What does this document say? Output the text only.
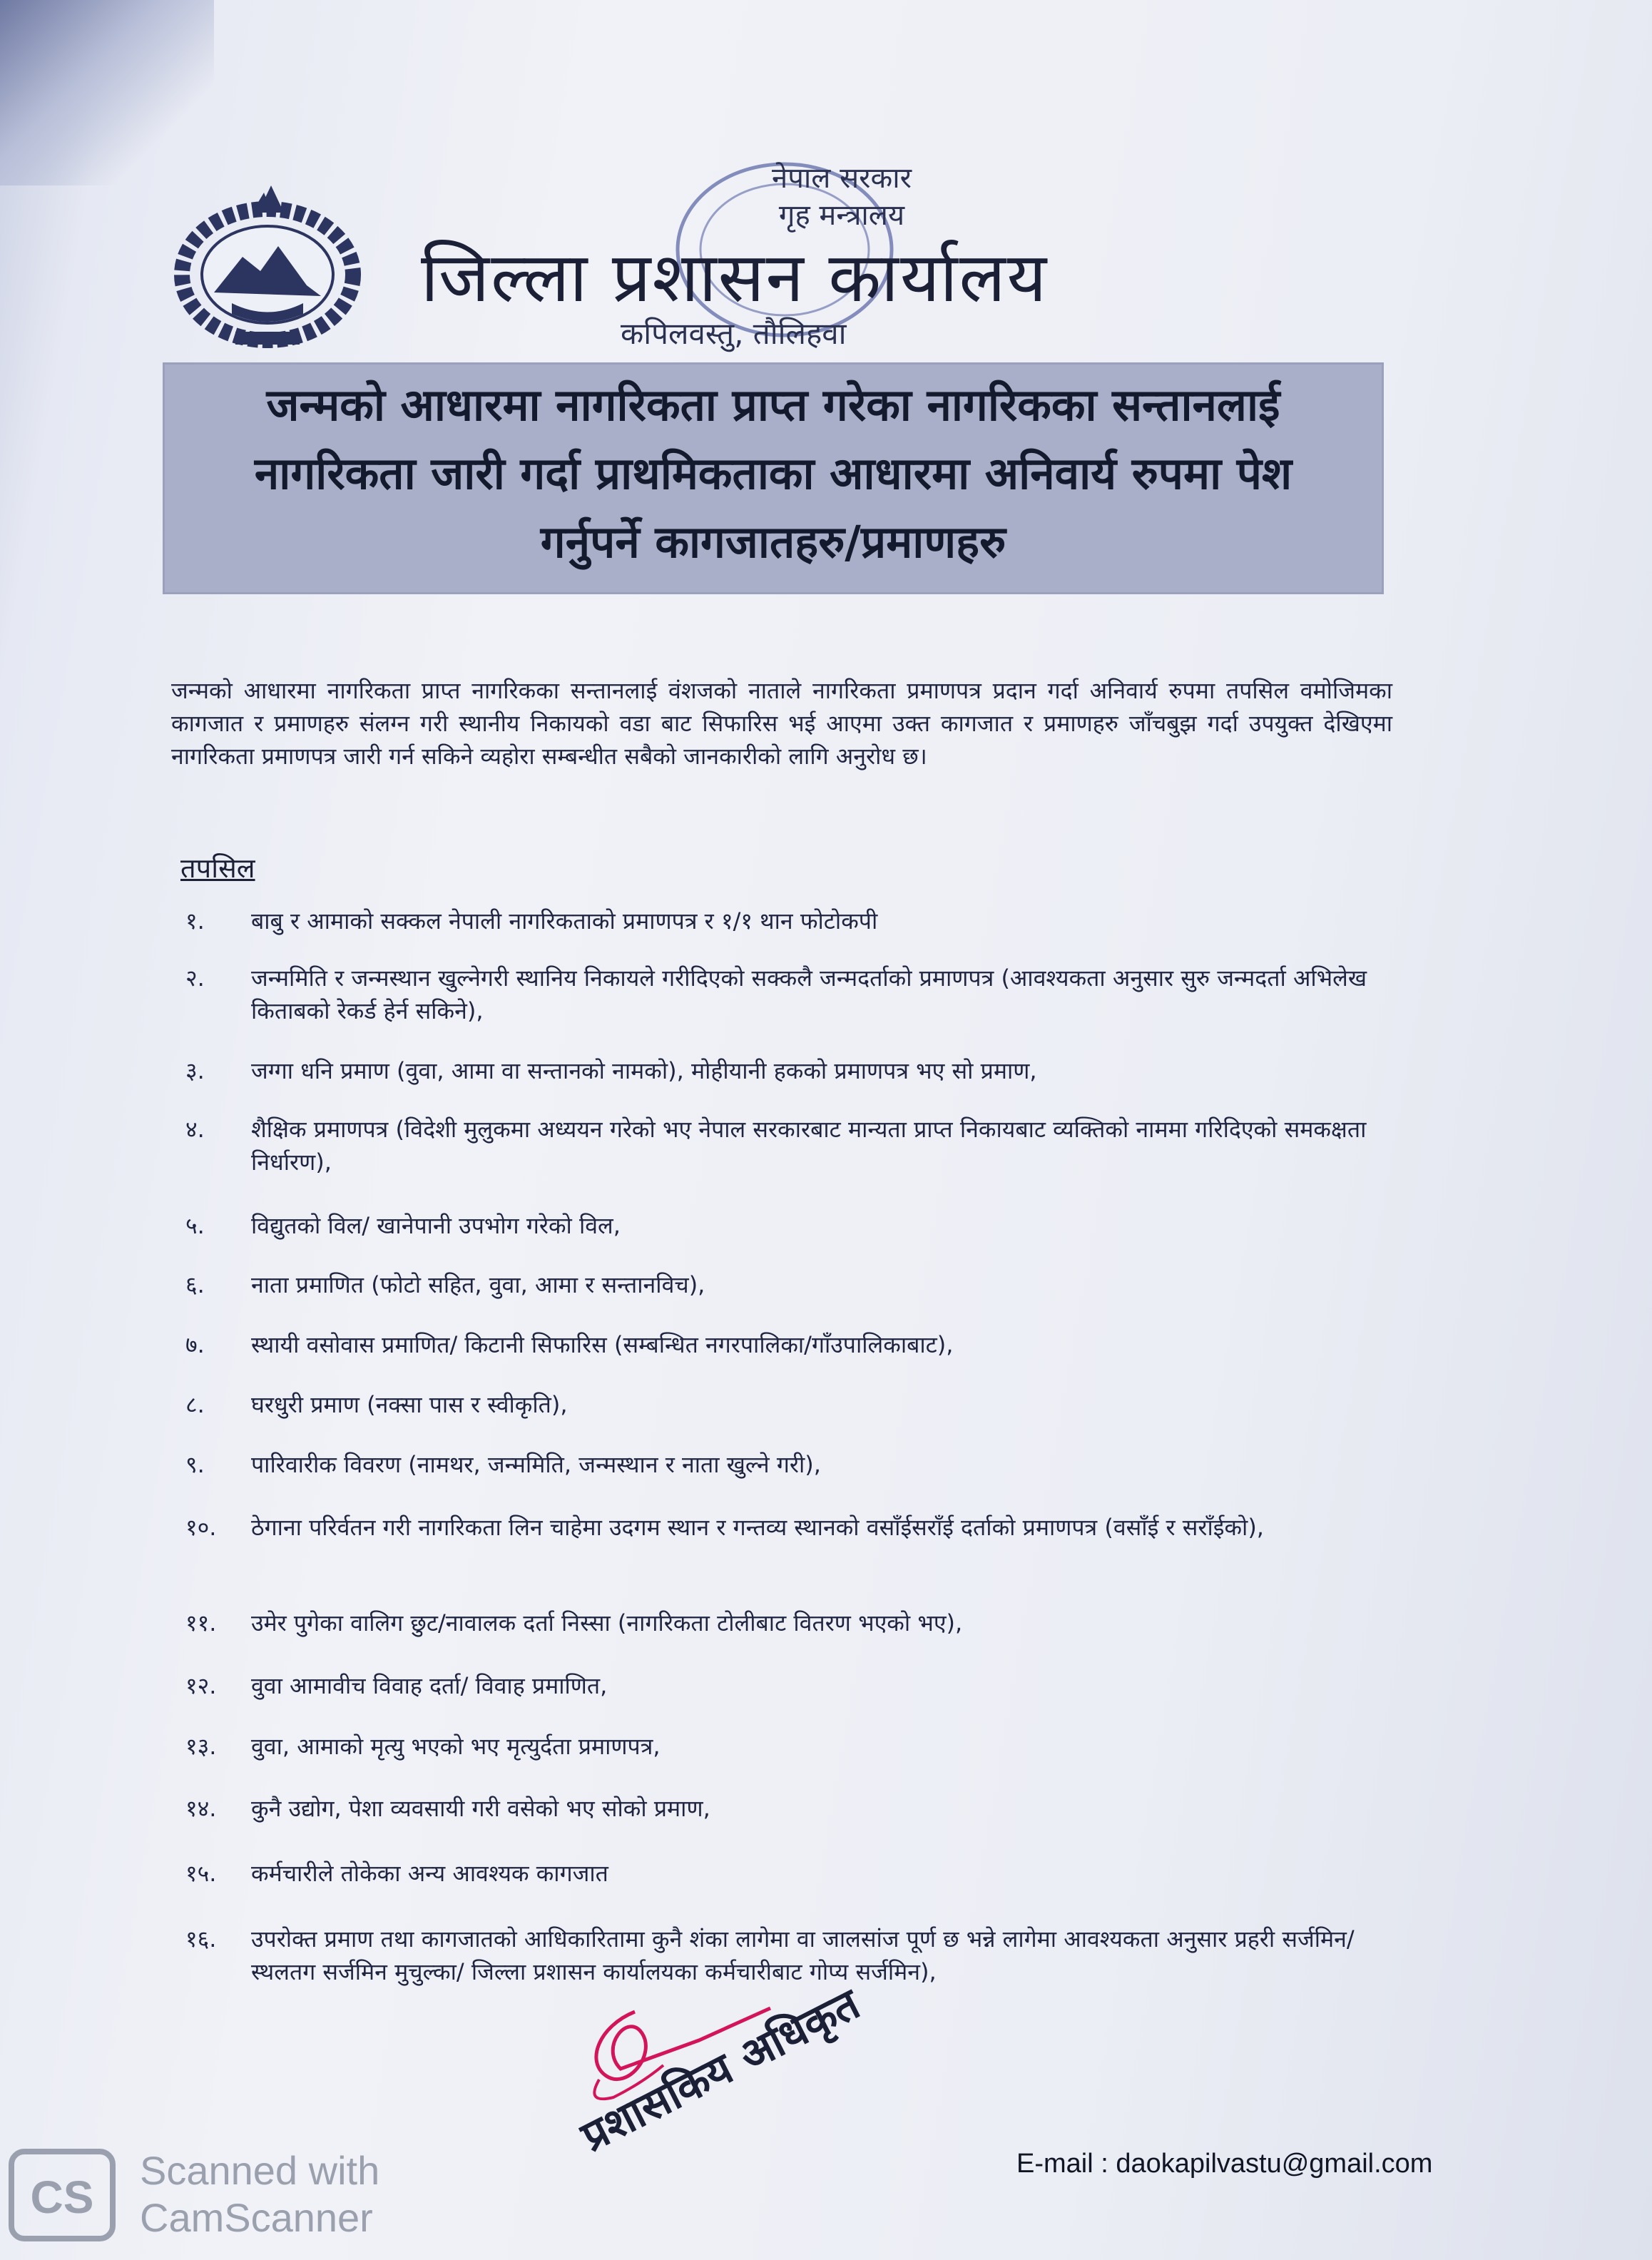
नेपाल सरकार
गृह मन्त्रालय
जिल्ला प्रशासन कार्यालय
कपिलवस्तु, तौलिहवा

जन्मको आधारमा नागरिकता प्राप्त गरेका नागरिकका सन्तानलाई

नागरिकता जारी गर्दा प्राथमिकताका आधारमा अनिवार्य रुपमा पेश

गर्नुपर्ने कागजातहरु/प्रमाणहरु

जन्मको आधारमा नागरिकता प्राप्त नागरिकका सन्तानलाई वंशजको नाताले नागरिकता प्रमाणपत्र प्रदान गर्दा अनिवार्य रुपमा तपसिल वमोजिमका कागजात र प्रमाणहरु संलग्न गरी स्थानीय निकायको वडा बाट सिफारिस भई आएमा उक्त कागजात र प्रमाणहरु जाँचबुझ गर्दा उपयुक्त देखिएमा नागरिकता प्रमाणपत्र जारी गर्न सकिने व्यहोरा सम्बन्धीत सबैको जानकारीको लागि अनुरोध छ।

तपसिल
१.	बाबु र आमाको सक्कल नेपाली नागरिकताको प्रमाणपत्र र १/१ थान फोटोकपी
२.	जन्ममिति र जन्मस्थान खुल्नेगरी स्थानिय निकायले गरीदिएको सक्कलै जन्मदर्ताको प्रमाणपत्र (आवश्यकता अनुसार सुरु जन्मदर्ता अभिलेख किताबको रेकर्ड हेर्न सकिने),
३.	जग्गा धनि प्रमाण (वुवा, आमा वा सन्तानको नामको), मोहीयानी हकको प्रमाणपत्र भए सो प्रमाण,
४.	शैक्षिक प्रमाणपत्र (विदेशी मुलुकमा अध्ययन गरेको भए नेपाल सरकारबाट मान्यता प्राप्त निकायबाट व्यक्तिको नाममा गरिदिएको समकक्षता निर्धारण),
५.	विद्युतको विल/ खानेपानी उपभोग गरेको विल,
६.	नाता प्रमाणित (फोटो सहित, वुवा, आमा र सन्तानविच),
७.	स्थायी वसोवास प्रमाणित/ किटानी सिफारिस (सम्बन्धित नगरपालिका/गाँउपालिकाबाट),
८.	घरधुरी प्रमाण (नक्सा पास र स्वीकृति),
९.	पारिवारीक विवरण (नामथर, जन्ममिति, जन्मस्थान र नाता खुल्ने गरी),
१०.	ठेगाना परिर्वतन गरी नागरिकता लिन चाहेमा उदगम स्थान र गन्तव्य स्थानको वसाँईसराँई दर्ताको प्रमाणपत्र (वसाँई र सराँईको),
११.	उमेर पुगेका वालिग छुट/नावालक दर्ता निस्सा (नागरिकता टोलीबाट वितरण भएको भए),
१२.	वुवा आमावीच विवाह दर्ता/ विवाह प्रमाणित,
१३.	वुवा, आमाको मृत्यु भएको भए मृत्युर्दता प्रमाणपत्र,
१४.	कुनै उद्योग, पेशा व्यवसायी गरी वसेको भए सोको प्रमाण,
१५.	कर्मचारीले तोकेका अन्य आवश्यक कागजात
१६.	उपरोक्त प्रमाण तथा कागजातको आधिकारितामा कुनै शंका लागेमा वा जालसांज पूर्ण छ भन्ने लागेमा आवश्यकता अनुसार प्रहरी सर्जमिन/ स्थलतग सर्जमिन मुचुल्का/ जिल्ला प्रशासन कार्यालयका कर्मचारीबाट गोप्य सर्जमिन),
प्रशासकिय अधिकृत
E-mail : daokapilvastu@gmail.com
CS
Scanned with
CamScanner
